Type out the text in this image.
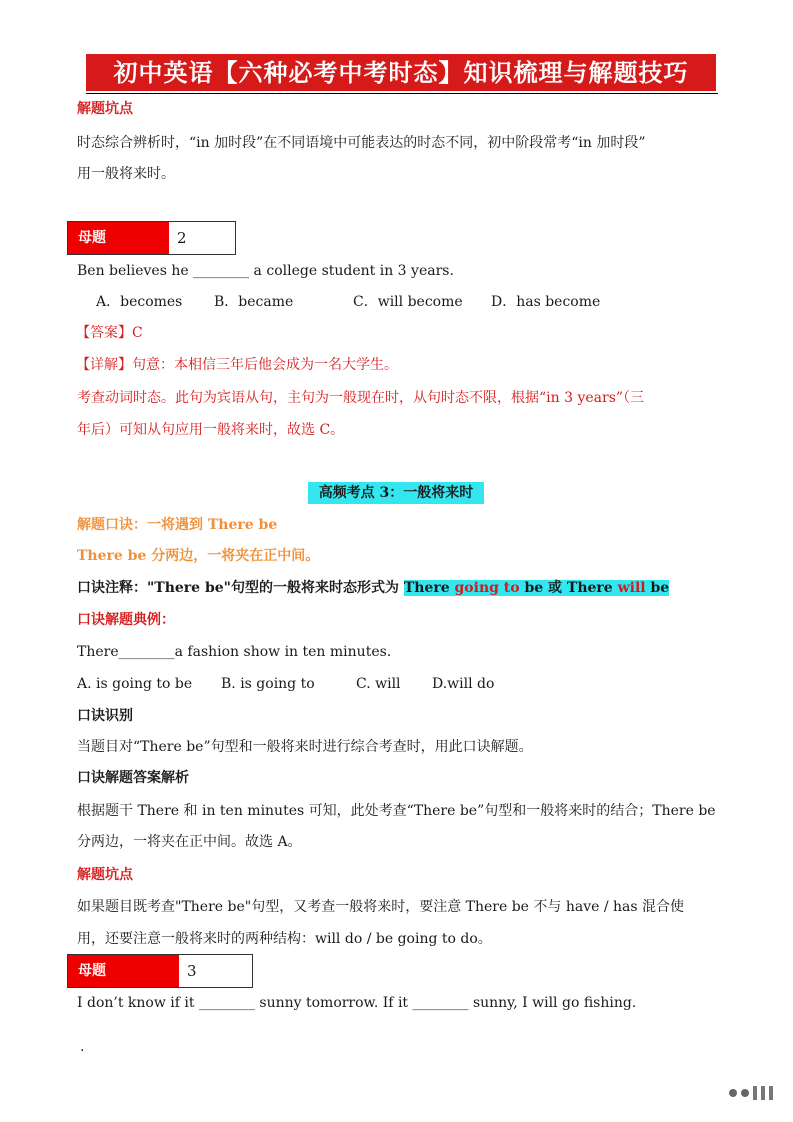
初中英语【六种必考中考时态】知识梳理与解题技巧
解题坑点
时态综合辨析时，“in 加时段”在不同语境中可能表达的时态不同，初中阶段常考“in 加时段”
用一般将来时。
母题	2
Ben believes he ________ a college student in 3 years.
A．becomes B．became	C．will become D．has become
【答案】C
【详解】句意：本相信三年后他会成为一名大学生。
考查动词时态。此句为宾语从句，主句为一般现在时，从句时态不限，根据“in 3 years”（三
年后）可知从句应用一般将来时，故选 C。
高频考点 3：一般将来时
解题口诀：一将遇到 There be
There be 分两边，一将夹在正中间。
口诀注释："There be"句型的一般将来时态形式为 There going to be 或 There will be
口诀解题典例：
There________a fashion show in ten minutes.
A. is going to be B. is going to	C. will D.will do
口诀识别
当题目对“There be”句型和一般将来时进行综合考查时，用此口诀解题。
口诀解题答案解析
根据题干 There 和 in ten minutes 可知，此处考查“There be”句型和一般将来时的结合；There be
分两边，一将夹在正中间。故选 A。
解题坑点
如果题目既考查"There be"句型，又考查一般将来时，要注意 There be 不与 have / has 混合使
用，还要注意一般将来时的两种结构：will do / be going to do。
母题	3
I don’t know if it ________ sunny tomorrow. If it ________ sunny, I will go fishing.
.
